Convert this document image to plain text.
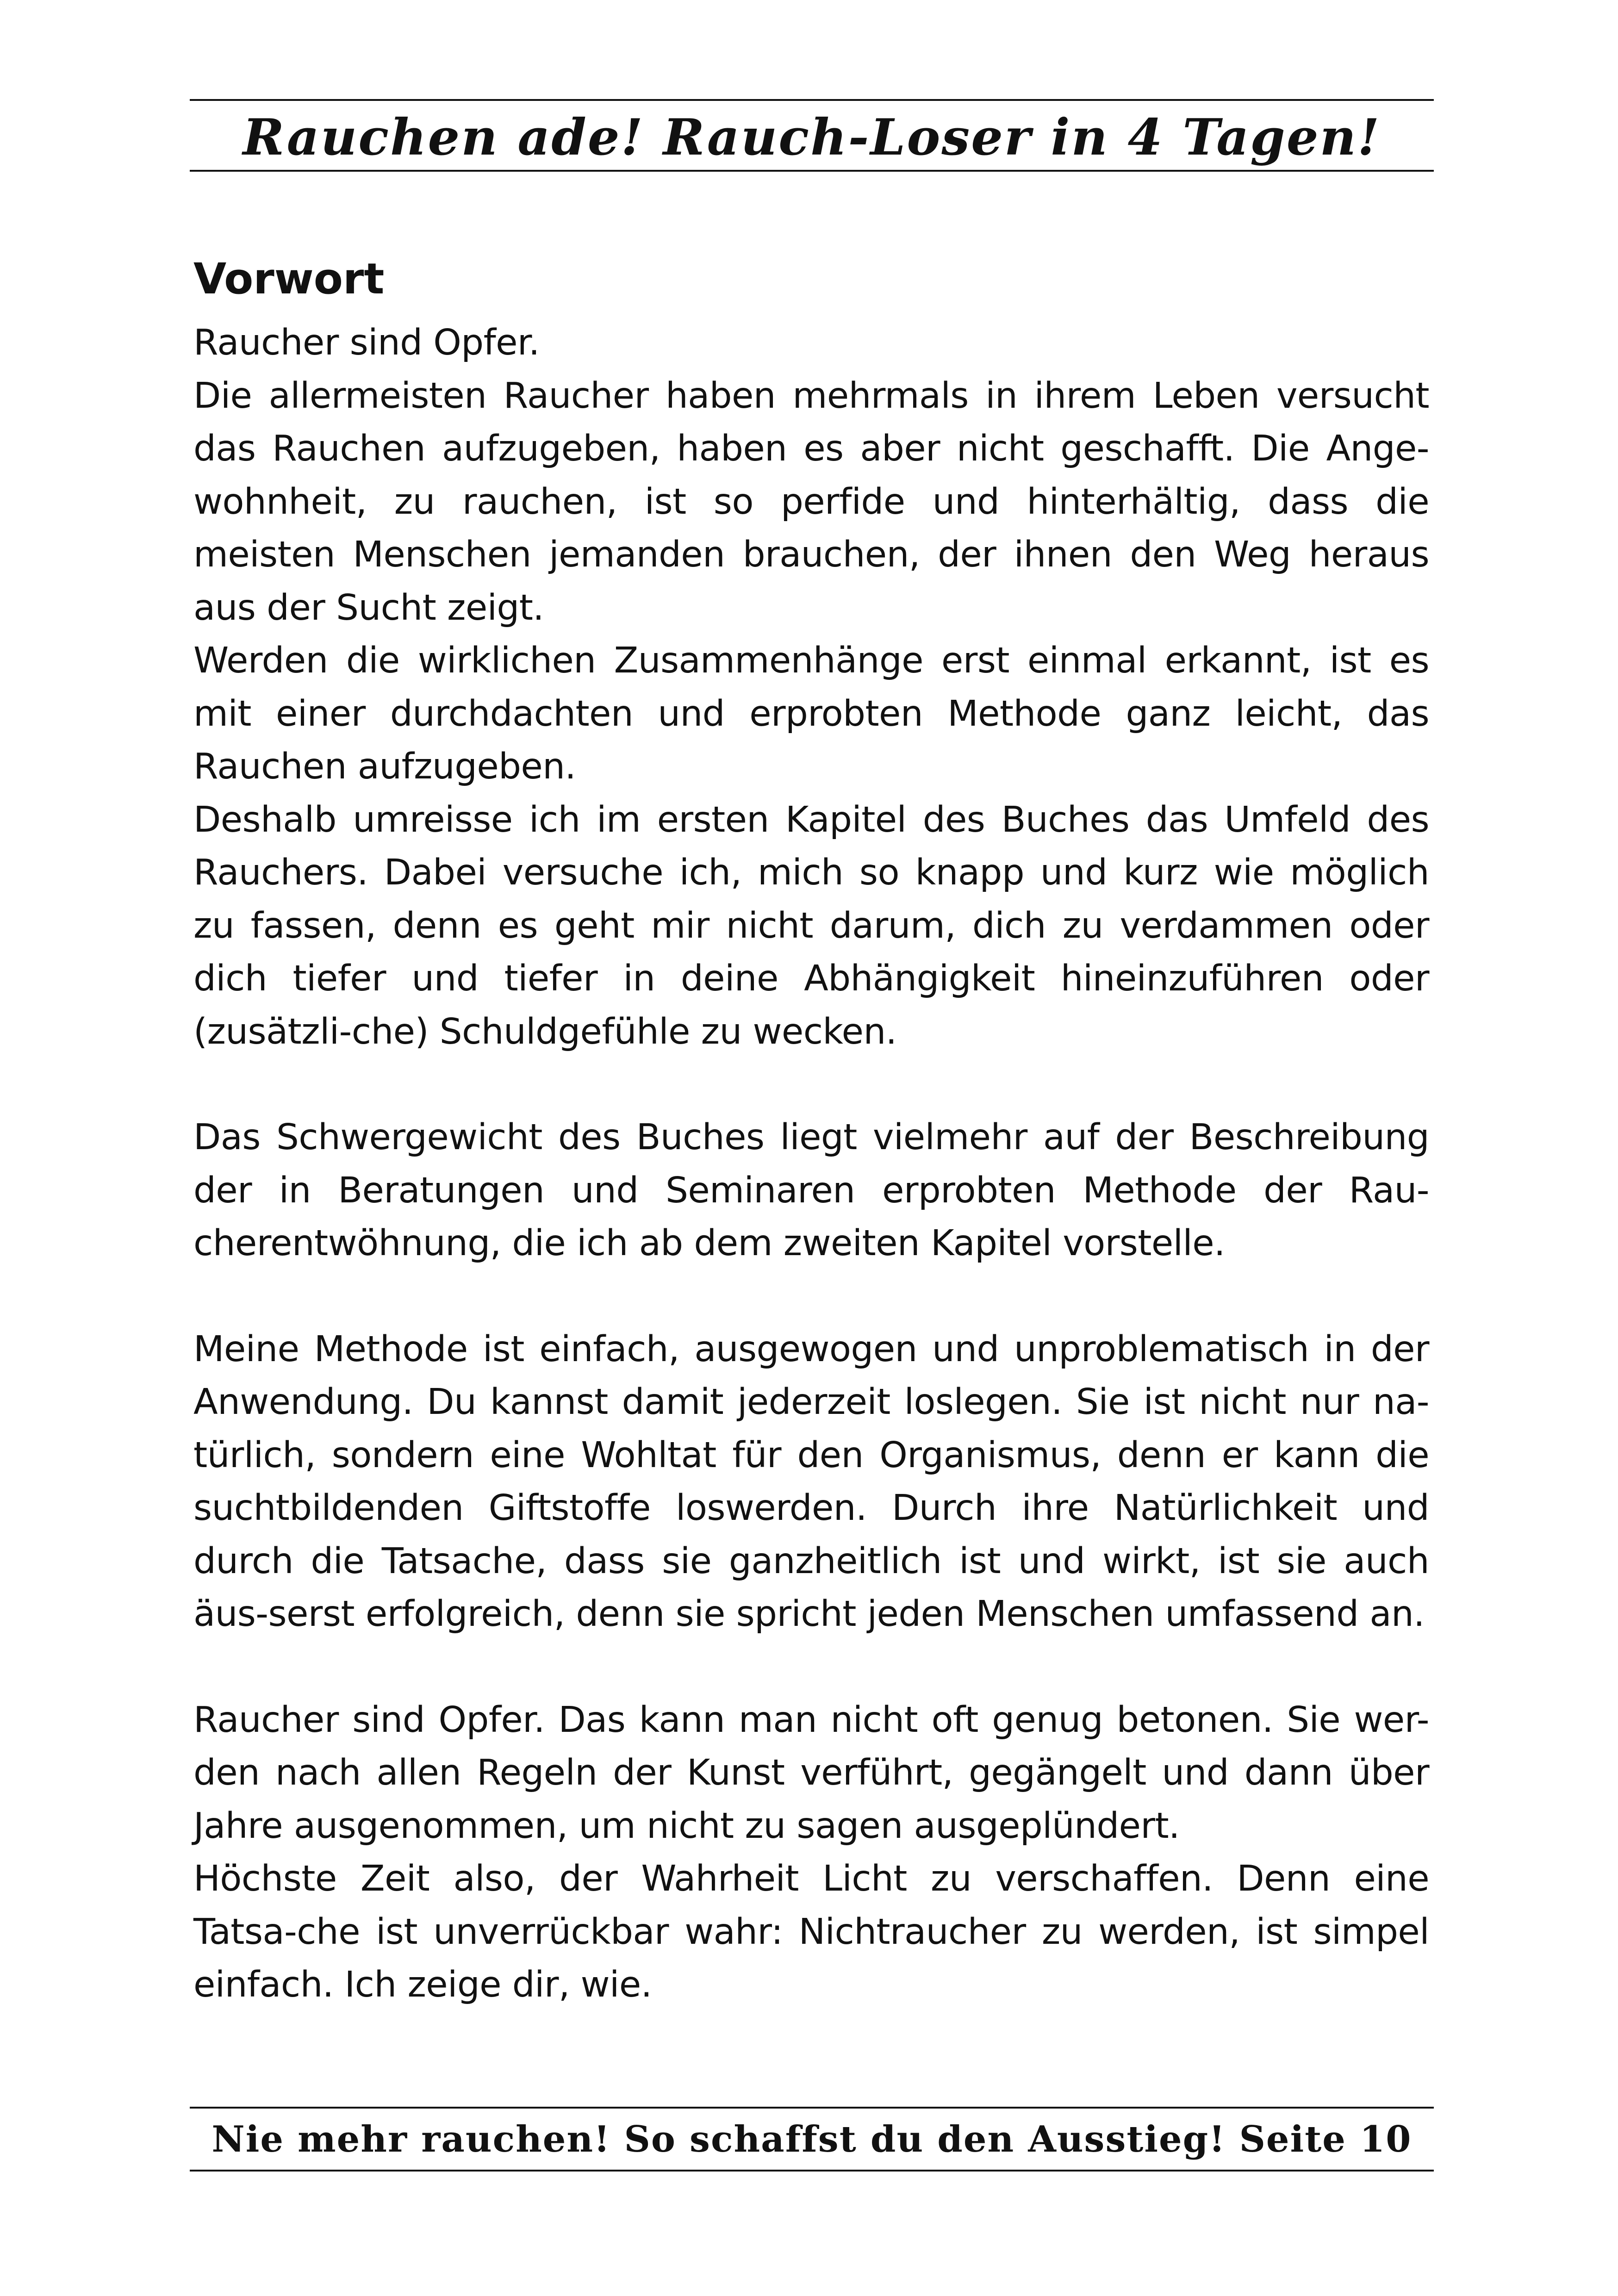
Rauchen ade! Rauch-Loser in 4 Tagen!
Vorwort

Raucher sind Opfer.

Die allermeisten Raucher haben mehrmals in ihrem Leben versucht das Rauchen aufzugeben, haben es aber nicht geschafft. Die Ange-wohnheit, zu rauchen, ist so perfide und hinterhältig, dass die meisten Menschen jemanden brauchen, der ihnen den Weg heraus aus der Sucht zeigt.

Werden die wirklichen Zusammenhänge erst einmal erkannt, ist es mit einer durchdachten und erprobten Methode ganz leicht, das Rauchen aufzugeben.

Deshalb umreisse ich im ersten Kapitel des Buches das Umfeld des Rauchers. Dabei versuche ich, mich so knapp und kurz wie möglich zu fassen, denn es geht mir nicht darum, dich zu verdammen oder dich tiefer und tiefer in deine Abhängigkeit hineinzuführen oder (zusätzli-che) Schuldgefühle zu wecken.

Das Schwergewicht des Buches liegt vielmehr auf der Beschreibung der in Beratungen und Seminaren erprobten Methode der Rau-cherentwöhnung, die ich ab dem zweiten Kapitel vorstelle.

Meine Methode ist einfach, ausgewogen und unproblematisch in der Anwendung. Du kannst damit jederzeit loslegen. Sie ist nicht nur na-türlich, sondern eine Wohltat für den Organismus, denn er kann die suchtbildenden Giftstoffe loswerden. Durch ihre Natürlichkeit und durch die Tatsache, dass sie ganzheitlich ist und wirkt, ist sie auch äus-serst erfolgreich, denn sie spricht jeden Menschen umfassend an.

Raucher sind Opfer. Das kann man nicht oft genug betonen. Sie wer-den nach allen Regeln der Kunst verführt, gegängelt und dann über Jahre ausgenommen, um nicht zu sagen ausgeplündert.

Höchste Zeit also, der Wahrheit Licht zu verschaffen. Denn eine Tatsa-che ist unverrückbar wahr: Nichtraucher zu werden, ist simpel einfach. Ich zeige dir, wie.

Nie mehr rauchen! So schaffst du den Ausstieg! Seite 10
